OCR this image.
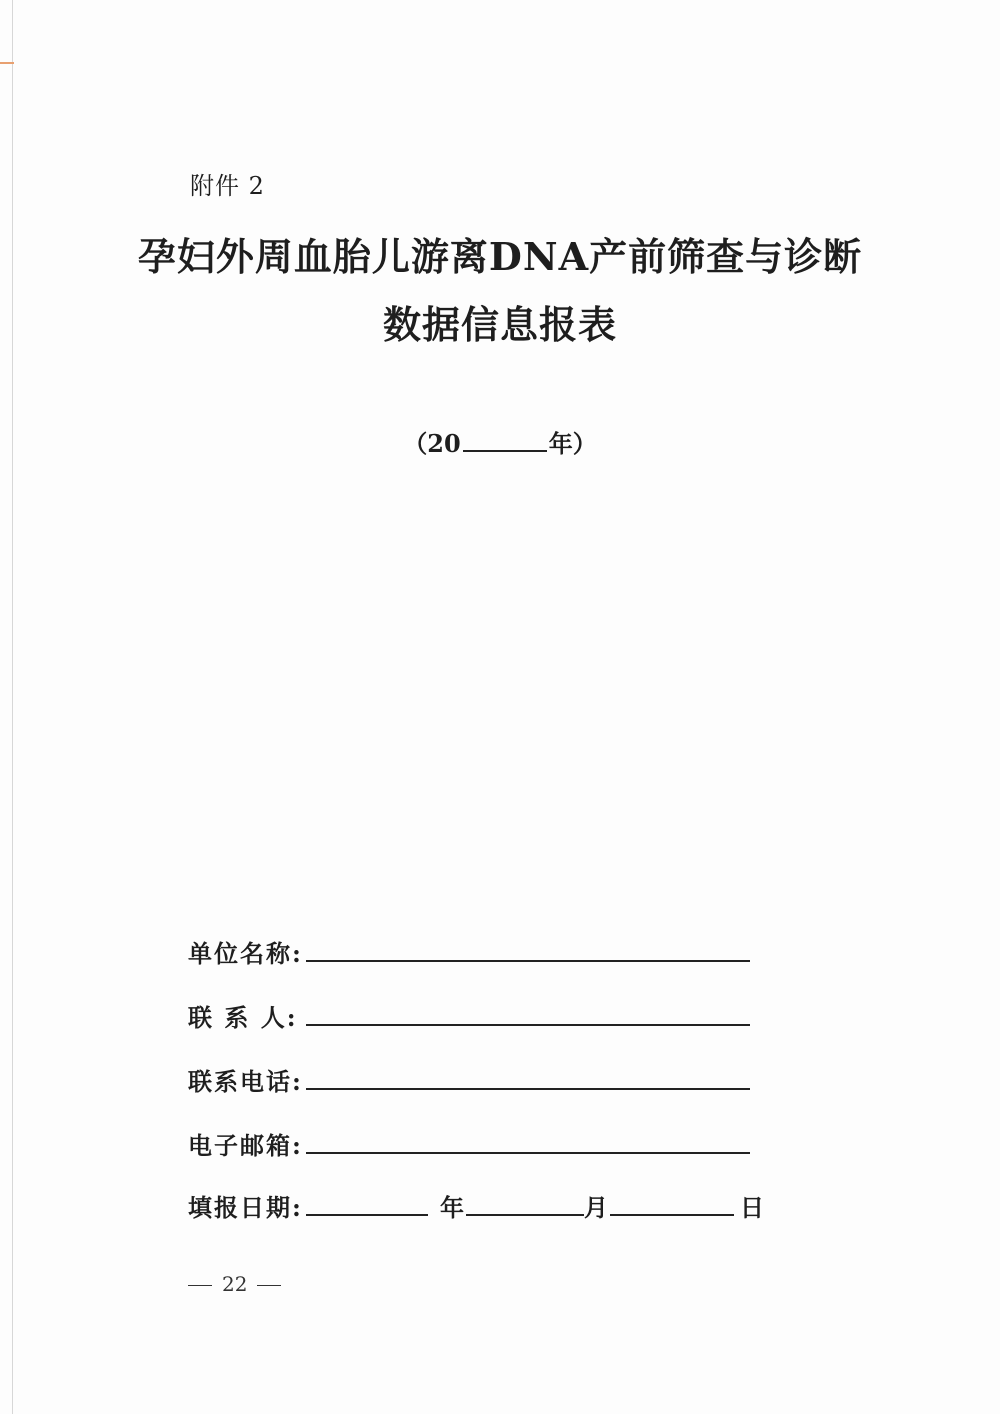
附件 2
孕妇外周血胎儿游离DNA产前筛查与诊断
数据信息报表
（20	年）
单位名称:
联 系 人:
联系电话:
电子邮箱:
填报日期:	年	月	日
22
